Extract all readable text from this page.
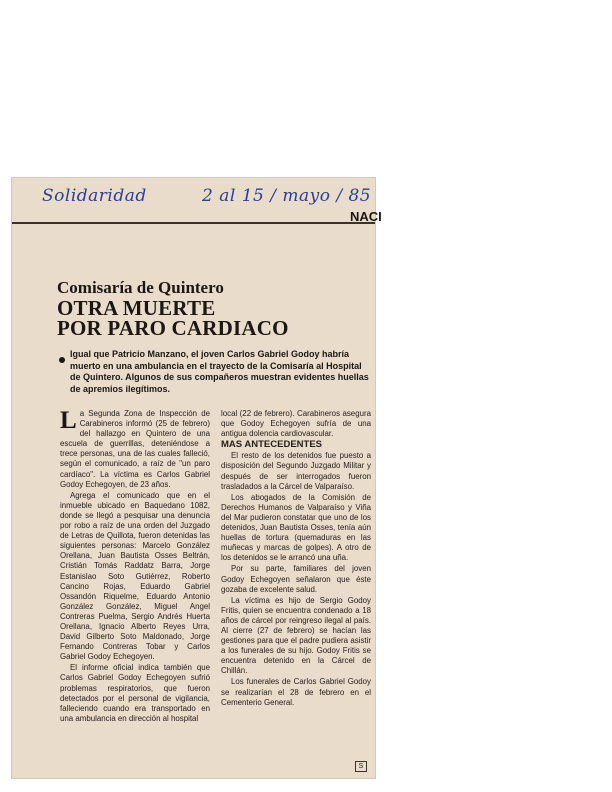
Solidaridad	2 al 15 / mayo / 85
NACI
Comisaría de Quintero
OTRA MUERTE
POR PARO CARDIACO
Igual que Patricio Manzano, el joven Carlos Gabriel Godoy habría muerto en una ambulancia en el trayecto de la Comisaría al Hospital de Quintero. Algunos de sus compañeros muestran evidentes huellas de apremios ilegítimos.

La Segunda Zona de Inspección de Carabineros informó (25 de febrero) del hallazgo en Quintero de una escuela de guerrillas, deteniéndose a trece personas, una de las cuales falleció, según el comunicado, a raíz de "un paro cardíaco". La víctima es Carlos Gabriel Godoy Echegoyen, de 23 años.

Agrega el comunicado que en el inmueble ubicado en Baquedano 1082, donde se llegó a pesquisar una denuncia por robo a raíz de una orden del Juzgado de Letras de Quillota, fueron detenidas las siguientes personas: Marcelo González Orellana, Juan Bautista Osses Beltrán, Cristián Tomás Raddatz Barra, Jorge Estanislao Soto Gutiérrez, Roberto Cancino Rojas, Eduardo Gabriel Ossandón Riquelme, Eduardo Antonio González González, Miguel Angel Contreras Puelma, Sergio Andrés Huerta Orellana, Ignacio Alberto Reyes Urra, David Gilberto Soto Maldonado, Jorge Fernando Contreras Tobar y Carlos Gabriel Godoy Echegoyen.

El informe oficial indica también que Carlos Gabriel Godoy Echegoyen sufrió problemas respiratorios, que fueron detectados por el personal de vigilancia, falleciendo cuando era transportado en una ambulancia en dirección al hospital

local (22 de febrero). Carabineros asegura que Godoy Echegoyen sufría de una antigua dolencia cardiovascular.

MAS ANTECEDENTES

El resto de los detenidos fue puesto a disposición del Segundo Juzgado Militar y después de ser interrogados fueron trasladados a la Cárcel de Valparaíso.

Los abogados de la Comisión de Derechos Humanos de Valparaíso y Viña del Mar pudieron constatar que uno de los detenidos, Juan Bautista Osses, tenía aún huellas de tortura (quemaduras en las muñecas y marcas de golpes). A otro de los detenidos se le arrancó una uña.

Por su parte, familiares del joven Godoy Echegoyen señalaron que éste gozaba de excelente salud.

La víctima es hijo de Sergio Godoy Fritis, quien se encuentra condenado a 18 años de cárcel por reingreso ilegal al país. Al cierre (27 de febrero) se hacían las gestiones para que el padre pudiera asistir a los funerales de su hijo. Godoy Fritis se encuentra detenido en la Cárcel de Chillán.

Los funerales de Carlos Gabriel Godoy se realizarían el 28 de febrero en el Cementerio General.

S
